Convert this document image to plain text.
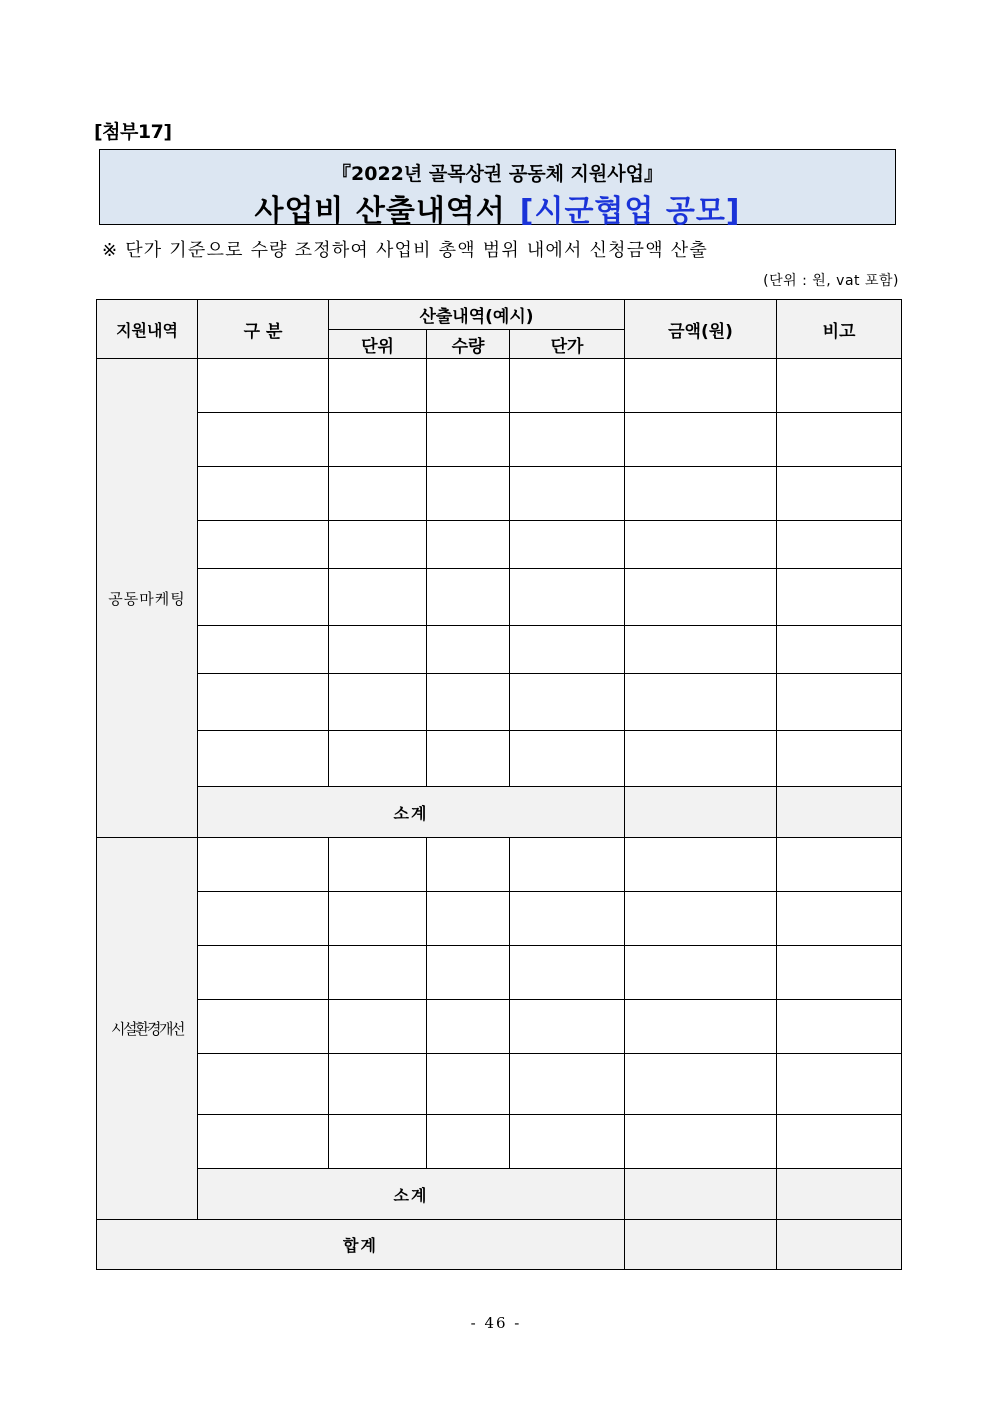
[첨부17]
『2022년 골목상권 공동체 지원사업』
사업비 산출내역서 [시군협업 공모]
※ 단가 기준으로 수량 조정하여 사업비 총액 범위 내에서 신청금액 산출
(단위 : 원, vat 포함)
지원내역	구 분	산출내역(예시)			금액(원)	비고
		단위	수량	단가		
공동마케팅						

	소계					
시설환경개선						

	소계					
합계						
- 46 -
